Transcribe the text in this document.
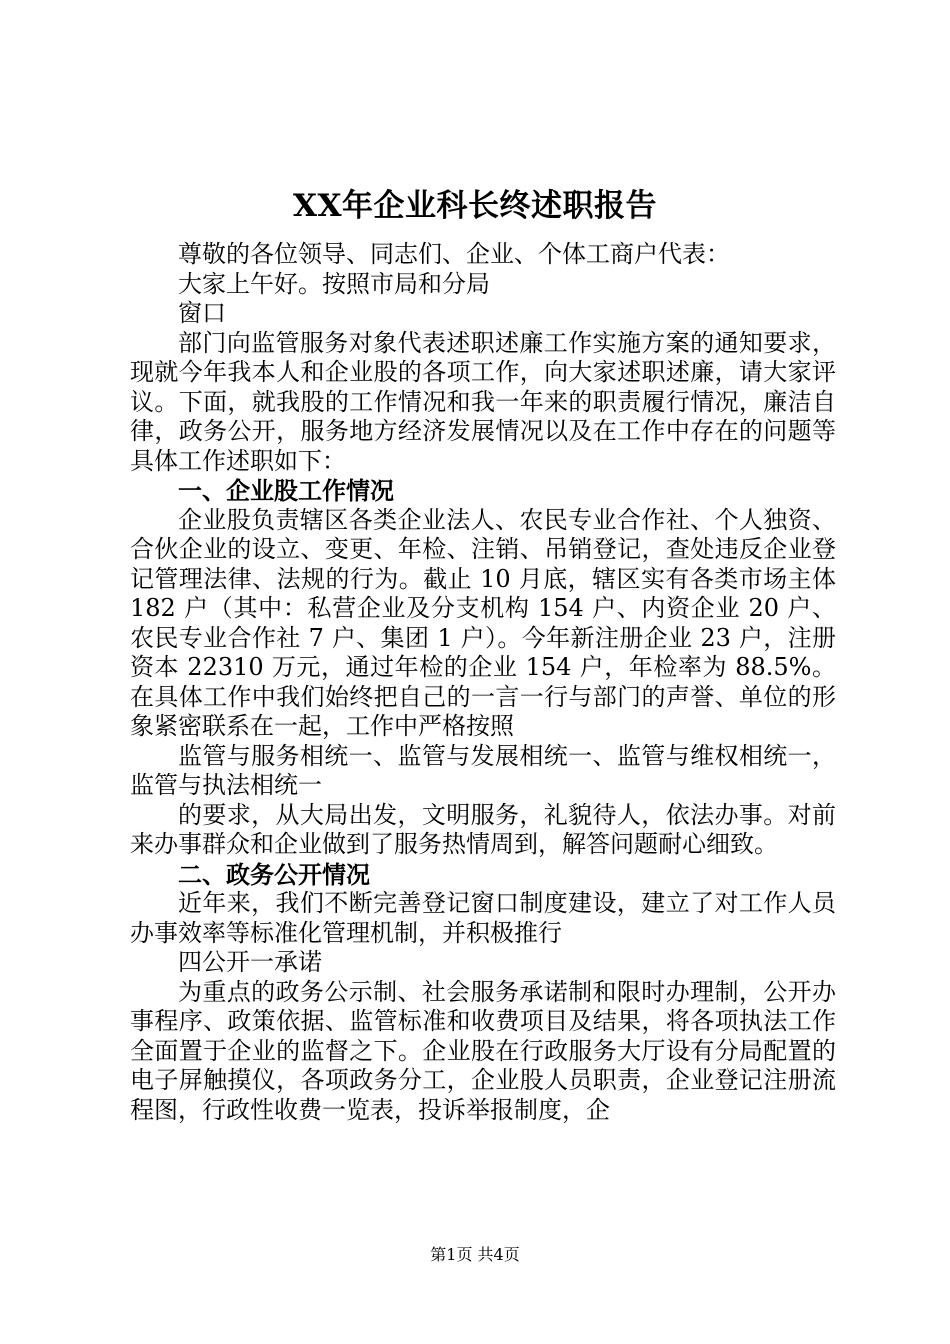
XX年企业科长终述职报告

尊敬的各位领导、同志们、企业、个体工商户代表：

大家上午好。按照市局和分局

窗口

部门向监管服务对象代表述职述廉工作实施方案的通知要求，现就今年我本人和企业股的各项工作，向大家述职述廉，请大家评议。下面，就我股的工作情况和我一年来的职责履行情况，廉洁自律，政务公开，服务地方经济发展情况以及在工作中存在的问题等具体工作述职如下：

一、企业股工作情况

企业股负责辖区各类企业法人、农民专业合作社、个人独资、合伙企业的设立、变更、年检、注销、吊销登记，查处违反企业登记管理法律、法规的行为。截止 10 月底，辖区实有各类市场主体 182 户（其中：私营企业及分支机构 154 户、内资企业 20 户、农民专业合作社 7 户、集团 1 户）。今年新注册企业 23 户，注册资本 22310 万元，通过年检的企业 154 户，年检率为 88.5%。在具体工作中我们始终把自己的一言一行与部门的声誉、单位的形象紧密联系在一起，工作中严格按照

监管与服务相统一、监管与发展相统一、监管与维权相统一，监管与执法相统一

的要求，从大局出发，文明服务，礼貌待人，依法办事。对前来办事群众和企业做到了服务热情周到，解答问题耐心细致。

二、政务公开情况

近年来，我们不断完善登记窗口制度建设，建立了对工作人员办事效率等标准化管理机制，并积极推行

四公开一承诺

为重点的政务公示制、社会服务承诺制和限时办理制，公开办事程序、政策依据、监管标准和收费项目及结果，将各项执法工作全面置于企业的监督之下。企业股在行政服务大厅设有分局配置的电子屏触摸仪，各项政务分工，企业股人员职责，企业登记注册流程图，行政性收费一览表，投诉举报制度，企

第1页 共4页
